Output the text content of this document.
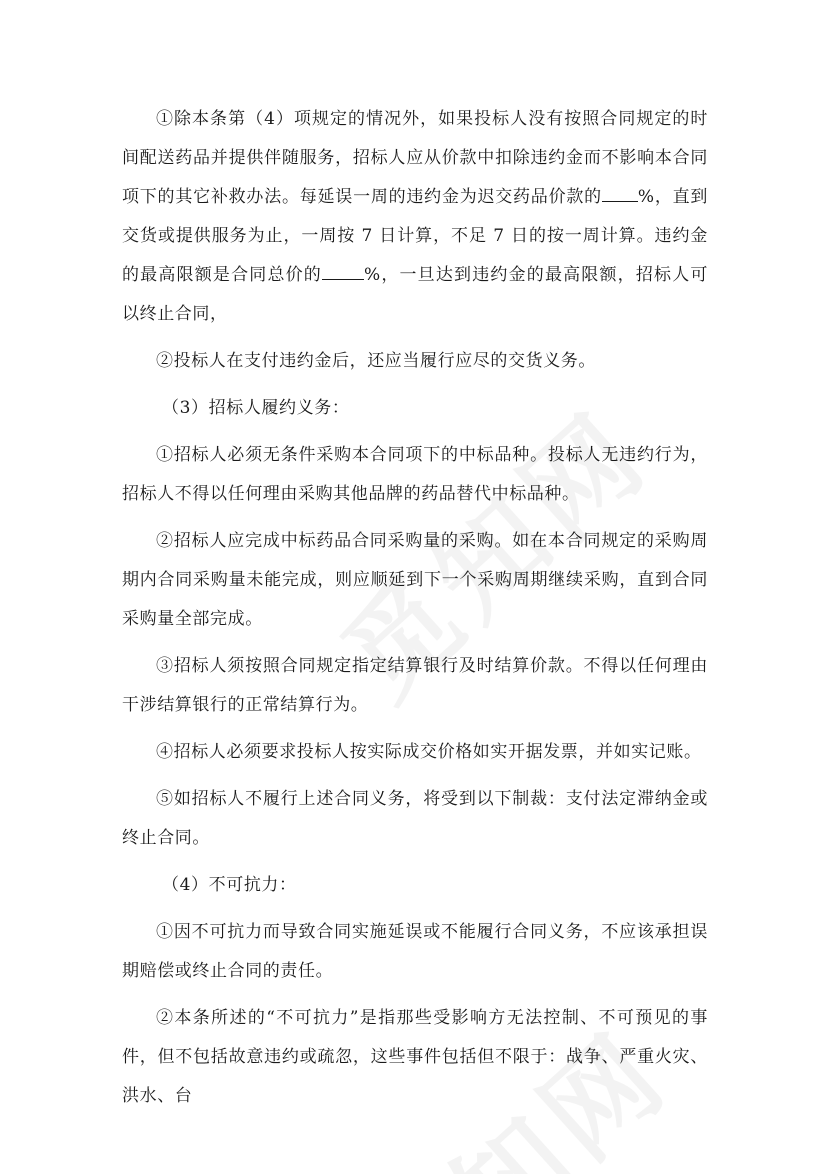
①除本条第（4）项规定的情况外，如果投标人没有按照合同规定的时间配送药品并提供伴随服务，招标人应从价款中扣除违约金而不影响本合同项下的其它补救办法。每延误一周的违约金为迟交药品价款的 %，直到交货或提供服务为止，一周按 7 日计算，不足 7 日的按一周计算。违约金的最高限额是合同总价的 %，一旦达到违约金的最高限额，招标人可以终止合同，

②投标人在支付违约金后，还应当履行应尽的交货义务。

（3）招标人履约义务：

①招标人必须无条件采购本合同项下的中标品种。投标人无违约行为，招标人不得以任何理由采购其他品牌的药品替代中标品种。

②招标人应完成中标药品合同采购量的采购。如在本合同规定的采购周期内合同采购量未能完成，则应顺延到下一个采购周期继续采购，直到合同采购量全部完成。

③招标人须按照合同规定指定结算银行及时结算价款。不得以任何理由干涉结算银行的正常结算行为。

④招标人必须要求投标人按实际成交价格如实开据发票，并如实记账。

⑤如招标人不履行上述合同义务，将受到以下制裁：支付法定滞纳金或终止合同。

（4）不可抗力：

①因不可抗力而导致合同实施延误或不能履行合同义务，不应该承担误期赔偿或终止合同的责任。

②本条所述的“不可抗力”是指那些受影响方无法控制、不可预见的事件，但不包括故意违约或疏忽，这些事件包括但不限于：战争、严重火灾、洪水、台
